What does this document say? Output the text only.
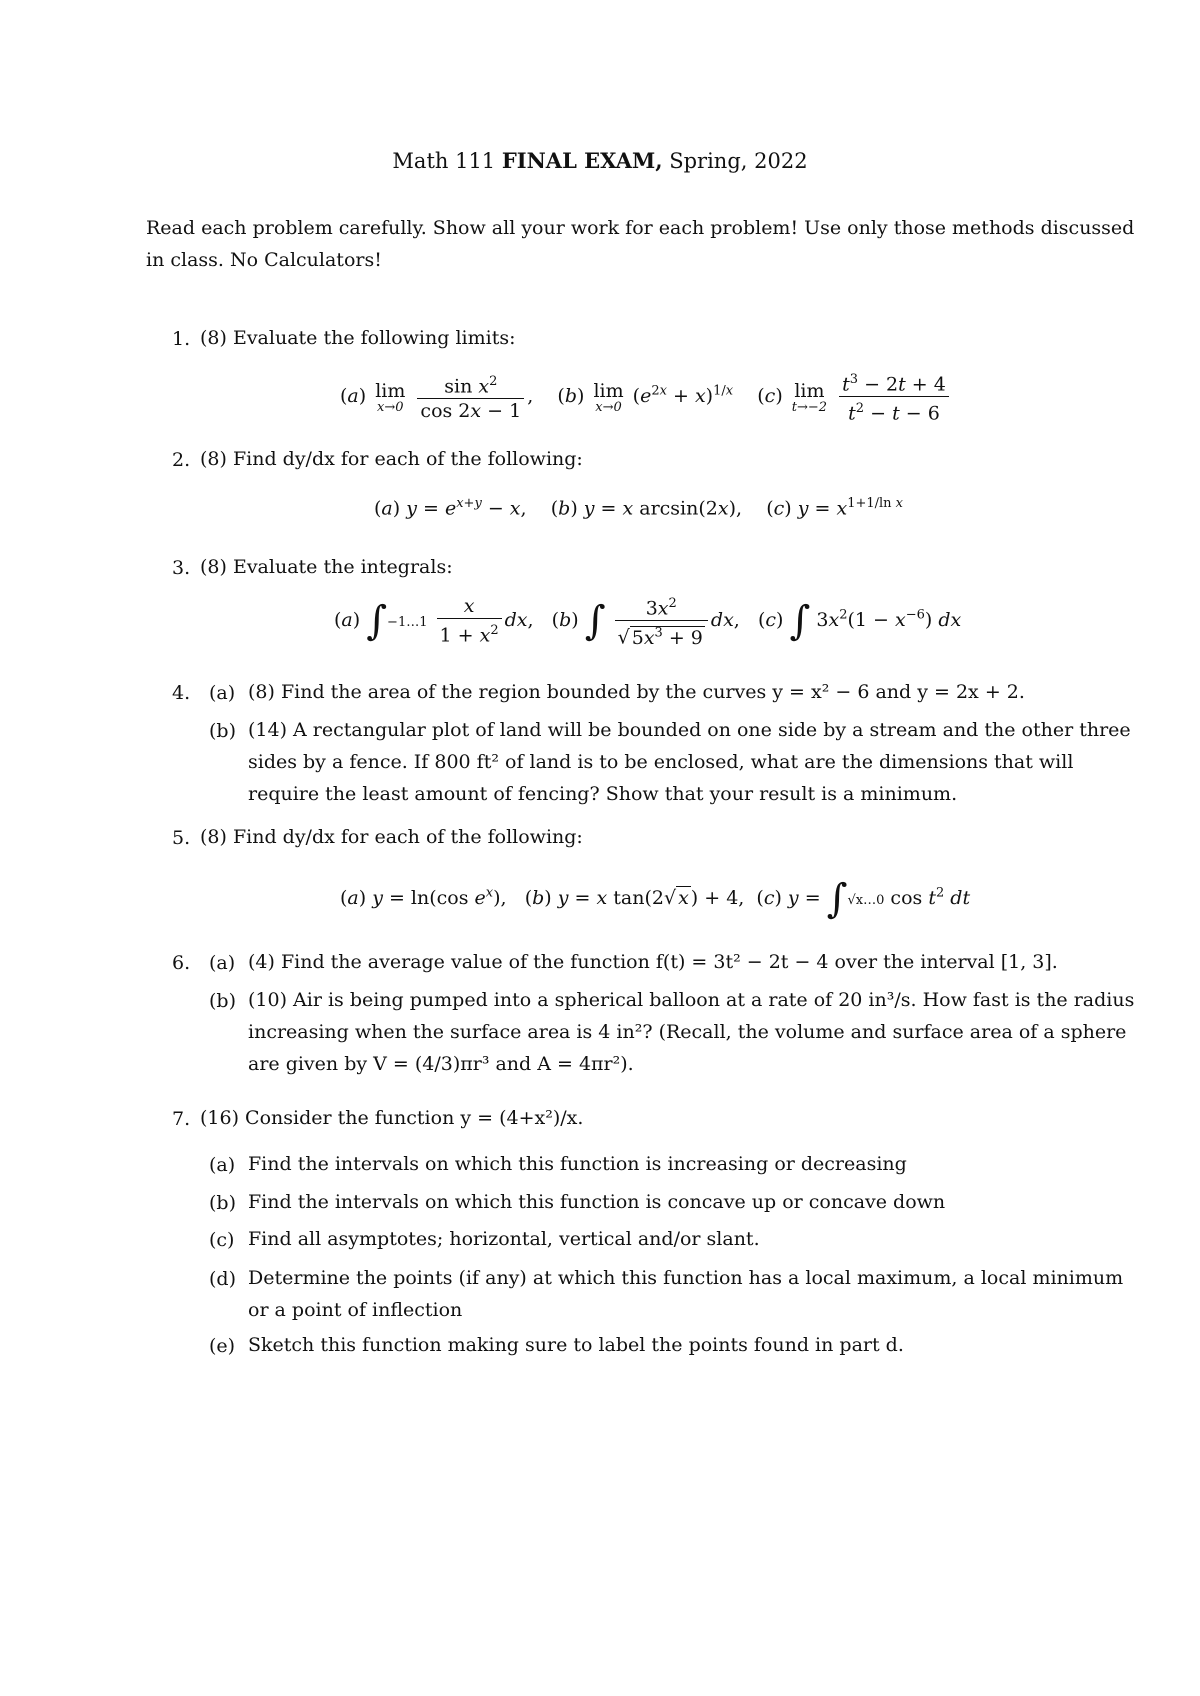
Math 111 FINAL EXAM, Spring, 2022
Read each problem carefully. Show all your work for each problem! Use only those methods discussed in class. No Calculators!
1. (8) Evaluate the following limits:
(a) lim
x→0
$\frac{\sin x^2}{\cos 2x - 1}$ ,    (b) lim
x→0
$(e^{2x} + x)^{1/x}$    (c) lim
t→−2
$\frac{t^3 - 2t + 4}{t^2 - t - 6}$
2. (8) Find dy/dx for each of the following:
(a) $y = e^{x+y} - x$,    (b) y = x arcsin(2x),    (c) $y = x^{1+1/ln x}$
3. (8) Evaluate the integrals:
(a) ∫−1…1 $\frac{x}{1 + x^2}$ dx,   (b) ∫ $\frac{3x^2}{√ 5x^3 + 9}$ dx,   (c) ∫ $3x^2(1 - x^{-6})$ dx
4. (a) (8) Find the area of the region bounded by the curves y = x² − 6 and y = 2x + 2.
(b) (14) A rectangular plot of land will be bounded on one side by a stream and the other three sides by a fence. If 800 ft² of land is to be enclosed, what are the dimensions that will require the least amount of fencing? Show that your result is a minimum.
5. (8) Find dy/dx for each of the following:
(a) y = ln(cos $e^x$),   (b) y = x tan(2√ x ) + 4,  (c) y = ∫√x…0 $\cos t^2$ dt
6. (a) (4) Find the average value of the function f(t) = 3t² − 2t − 4 over the interval [1, 3].
(b) (10) Air is being pumped into a spherical balloon at a rate of 20 in³/s. How fast is the radius increasing when the surface area is 4 in²? (Recall, the volume and surface area of a sphere are given by V = (4/3)πr³ and A = 4πr²).
7. (16) Consider the function y = (4+x²)/x.
(a) Find the intervals on which this function is increasing or decreasing
(b) Find the intervals on which this function is concave up or concave down
(c) Find all asymptotes; horizontal, vertical and/or slant.
(d) Determine the points (if any) at which this function has a local maximum, a local minimum or a point of inflection
(e) Sketch this function making sure to label the points found in part d.
